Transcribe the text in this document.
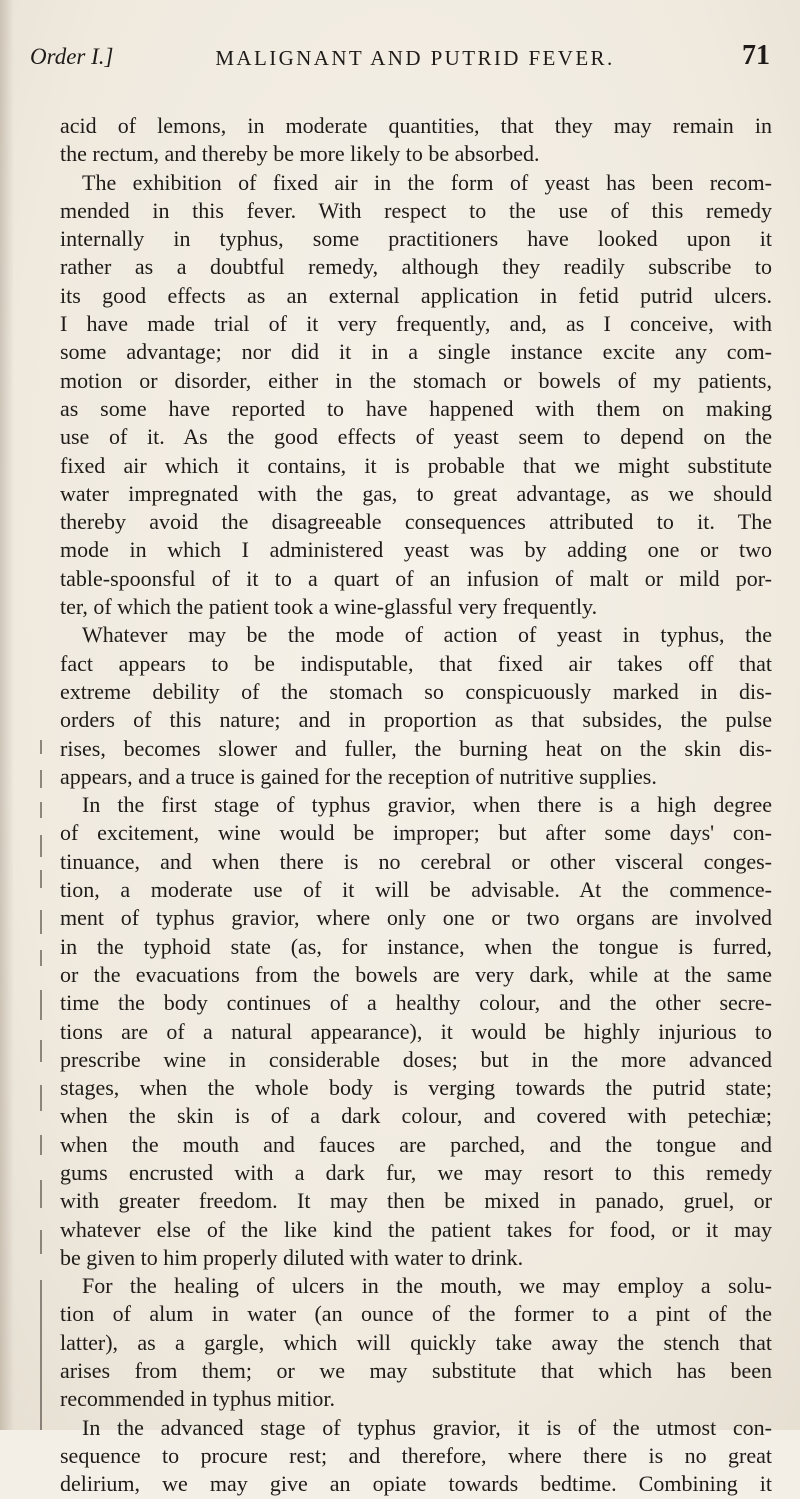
Order I.]	MALIGNANT AND PUTRID FEVER.	71
acid of lemons, in moderate quantities, that they may remain in
the rectum, and thereby be more likely to be absorbed.
The exhibition of fixed air in the form of yeast has been recom-
mended in this fever. With respect to the use of this remedy
internally in typhus, some practitioners have looked upon it
rather as a doubtful remedy, although they readily subscribe to
its good effects as an external application in fetid putrid ulcers.
I have made trial of it very frequently, and, as I conceive, with
some advantage; nor did it in a single instance excite any com-
motion or disorder, either in the stomach or bowels of my patients,
as some have reported to have happened with them on making
use of it. As the good effects of yeast seem to depend on the
fixed air which it contains, it is probable that we might substitute
water impregnated with the gas, to great advantage, as we should
thereby avoid the disagreeable consequences attributed to it. The
mode in which I administered yeast was by adding one or two
table-spoonsful of it to a quart of an infusion of malt or mild por-
ter, of which the patient took a wine-glassful very frequently.
Whatever may be the mode of action of yeast in typhus, the
fact appears to be indisputable, that fixed air takes off that
extreme debility of the stomach so conspicuously marked in dis-
orders of this nature; and in proportion as that subsides, the pulse
rises, becomes slower and fuller, the burning heat on the skin dis-
appears, and a truce is gained for the reception of nutritive supplies.
In the first stage of typhus gravior, when there is a high degree
of excitement, wine would be improper; but after some days' con-
tinuance, and when there is no cerebral or other visceral conges-
tion, a moderate use of it will be advisable. At the commence-
ment of typhus gravior, where only one or two organs are involved
in the typhoid state (as, for instance, when the tongue is furred,
or the evacuations from the bowels are very dark, while at the same
time the body continues of a healthy colour, and the other secre-
tions are of a natural appearance), it would be highly injurious to
prescribe wine in considerable doses; but in the more advanced
stages, when the whole body is verging towards the putrid state;
when the skin is of a dark colour, and covered with petechiæ;
when the mouth and fauces are parched, and the tongue and
gums encrusted with a dark fur, we may resort to this remedy
with greater freedom. It may then be mixed in panado, gruel, or
whatever else of the like kind the patient takes for food, or it may
be given to him properly diluted with water to drink.
For the healing of ulcers in the mouth, we may employ a solu-
tion of alum in water (an ounce of the former to a pint of the
latter), as a gargle, which will quickly take away the stench that
arises from them; or we may substitute that which has been
recommended in typhus mitior.
In the advanced stage of typhus gravior, it is of the utmost con-
sequence to procure rest; and therefore, where there is no great
delirium, we may give an opiate towards bedtime. Combining it
